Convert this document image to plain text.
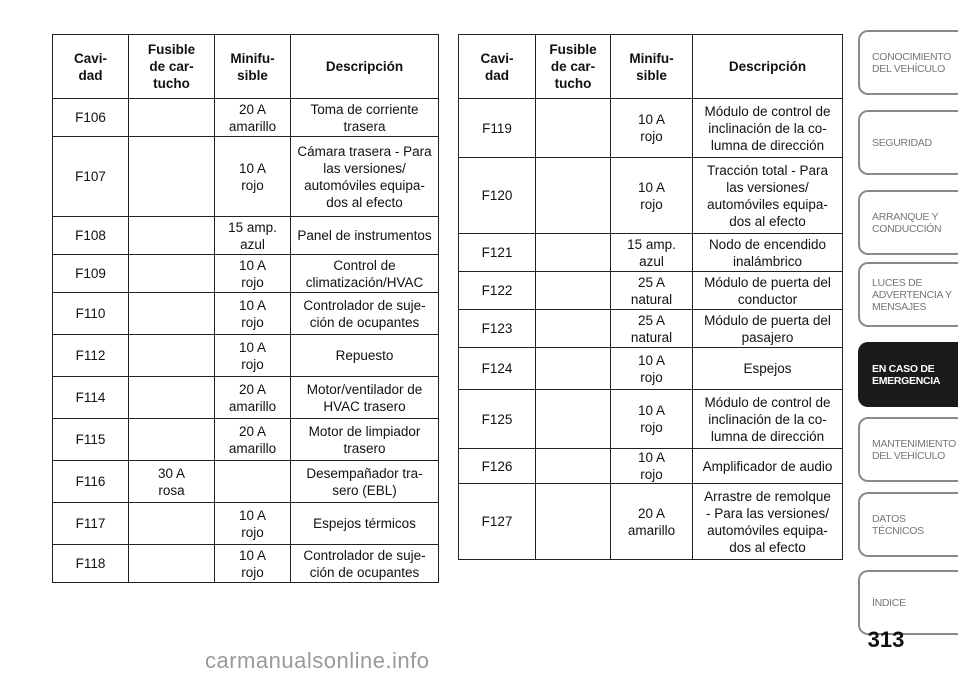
Cavi-
dad	Fusible
de car-
tucho	Minifu-
sible	Descripción
F106		20 A
amarillo	Toma de corriente
trasera
F107		10 A
rojo	Cámara trasera - Para
las versiones/
automóviles equipa-
dos al efecto
F108		15 amp.
azul	Panel de instrumentos
F109		10 A
rojo	Control de
climatización/HVAC
F110		10 A
rojo	Controlador de suje-
ción de ocupantes
F112		10 A
rojo	Repuesto
F114		20 A
amarillo	Motor/ventilador de
HVAC trasero
F115		20 A
amarillo	Motor de limpiador
trasero
F116	30 A
rosa		Desempañador tra-
sero (EBL)
F117		10 A
rojo	Espejos térmicos
F118		10 A
rojo	Controlador de suje-
ción de ocupantes
Cavi-
dad	Fusible
de car-
tucho	Minifu-
sible	Descripción
F119		10 A
rojo	Módulo de control de
inclinación de la co-
lumna de dirección
F120		10 A
rojo	Tracción total - Para
las versiones/
automóviles equipa-
dos al efecto
F121		15 amp.
azul	Nodo de encendido
inalámbrico
F122		25 A
natural	Módulo de puerta del
conductor
F123		25 A
natural	Módulo de puerta del
pasajero
F124		10 A
rojo	Espejos
F125		10 A
rojo	Módulo de control de
inclinación de la co-
lumna de dirección
F126		10 A
rojo	Amplificador de audio
F127		20 A
amarillo	Arrastre de remolque
- Para las versiones/
automóviles equipa-
dos al efecto
CONOCIMIENTO
DEL VEHÍCULO
SEGURIDAD
ARRANQUE Y
CONDUCCIÓN
LUCES DE
ADVERTENCIA Y
MENSAJES
EN CASO DE
EMERGENCIA
MANTENIMIENTO
DEL VEHÍCULO
DATOS
TÉCNICOS
ÍNDICE
313
carmanualsonline.info
